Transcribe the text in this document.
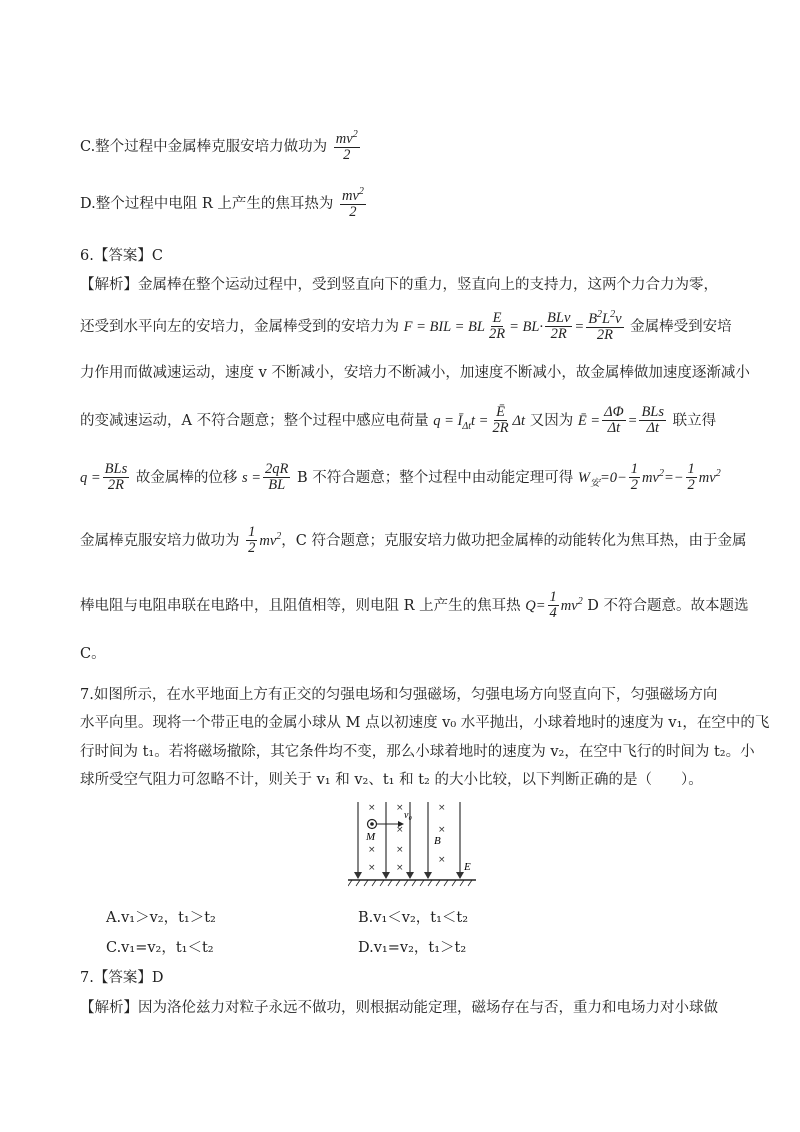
C.整个过程中金属棒克服安培力做功为 $\frac{mv^2}{2}$
D.整个过程中电阻 R 上产生的焦耳热为 $\frac{mv^2}{2}$
6.【答案】C
【解析】金属棒在整个运动过程中，受到竖直向下的重力，竖直向上的支持力，这两个力合力为零，
还受到水平向左的安培力，金属棒受到的安培力为 F = BIL = BL $\frac{E}{2R} = BL\cdot \frac{\text{BLv}}{2R} = \frac{B^2L^2v}{2R}$ 金属棒受到安培
力作用而做减速运动，速度 v 不断减小，安培力不断减小，加速度不断减小，故金属棒做加速度逐渐减小
的变减速运动，A 不符合题意；整个过程中感应电荷量 $q = Ī_{\Delta t}t = \frac{Ē}{2R}$ Δt 又因为 Ē = $\frac{\Delta\Phi}{\Delta t} = \frac{\text{BLs}}{\Delta t}$ 联立得
$q = \frac{\text{BLs}}{2R}$ 故金属棒的位移 $s = \frac{2qR}{BL}$ B 不符合题意；整个过程中由动能定理可得 $W_安=0- \frac{1}{2} mv^2=- \frac{1}{2} mv^2$
金属棒克服安培力做功为 $\frac{1}{2} mv^2$，C 符合题意；克服安培力做功把金属棒的动能转化为焦耳热，由于金属
棒电阻与电阻串联在电路中，且阻值相等，则电阻 R 上产生的焦耳热 $Q= \frac{1}{4} mv^2$ D 不符合题意。故本题选
C。
7.如图所示，在水平地面上方有正交的匀强电场和匀强磁场，匀强电场方向竖直向下，匀强磁场方向
水平向里。现将一个带正电的金属小球从 M 点以初速度 v₀ 水平抛出，小球着地时的速度为 v₁，在空中的飞
行时间为 t₁。若将磁场撤除，其它条件均不变，那么小球着地时的速度为 v₂，在空中飞行的时间为 t₂。小
球所受空气阻力可忽略不计，则关于 v₁ 和 v₂、t₁ 和 t₂ 的大小比较，以下判断正确的是（　　）。
× ×	×
×	×
× ×
×
× ×
M
v₀
B
E
A.v₁＞v₂，t₁＞t₂	B.v₁＜v₂，t₁＜t₂
C.v₁=v₂，t₁＜t₂	D.v₁=v₂，t₁＞t₂
7.【答案】D
【解析】因为洛伦兹力对粒子永远不做功，则根据动能定理，磁场存在与否，重力和电场力对小球做
